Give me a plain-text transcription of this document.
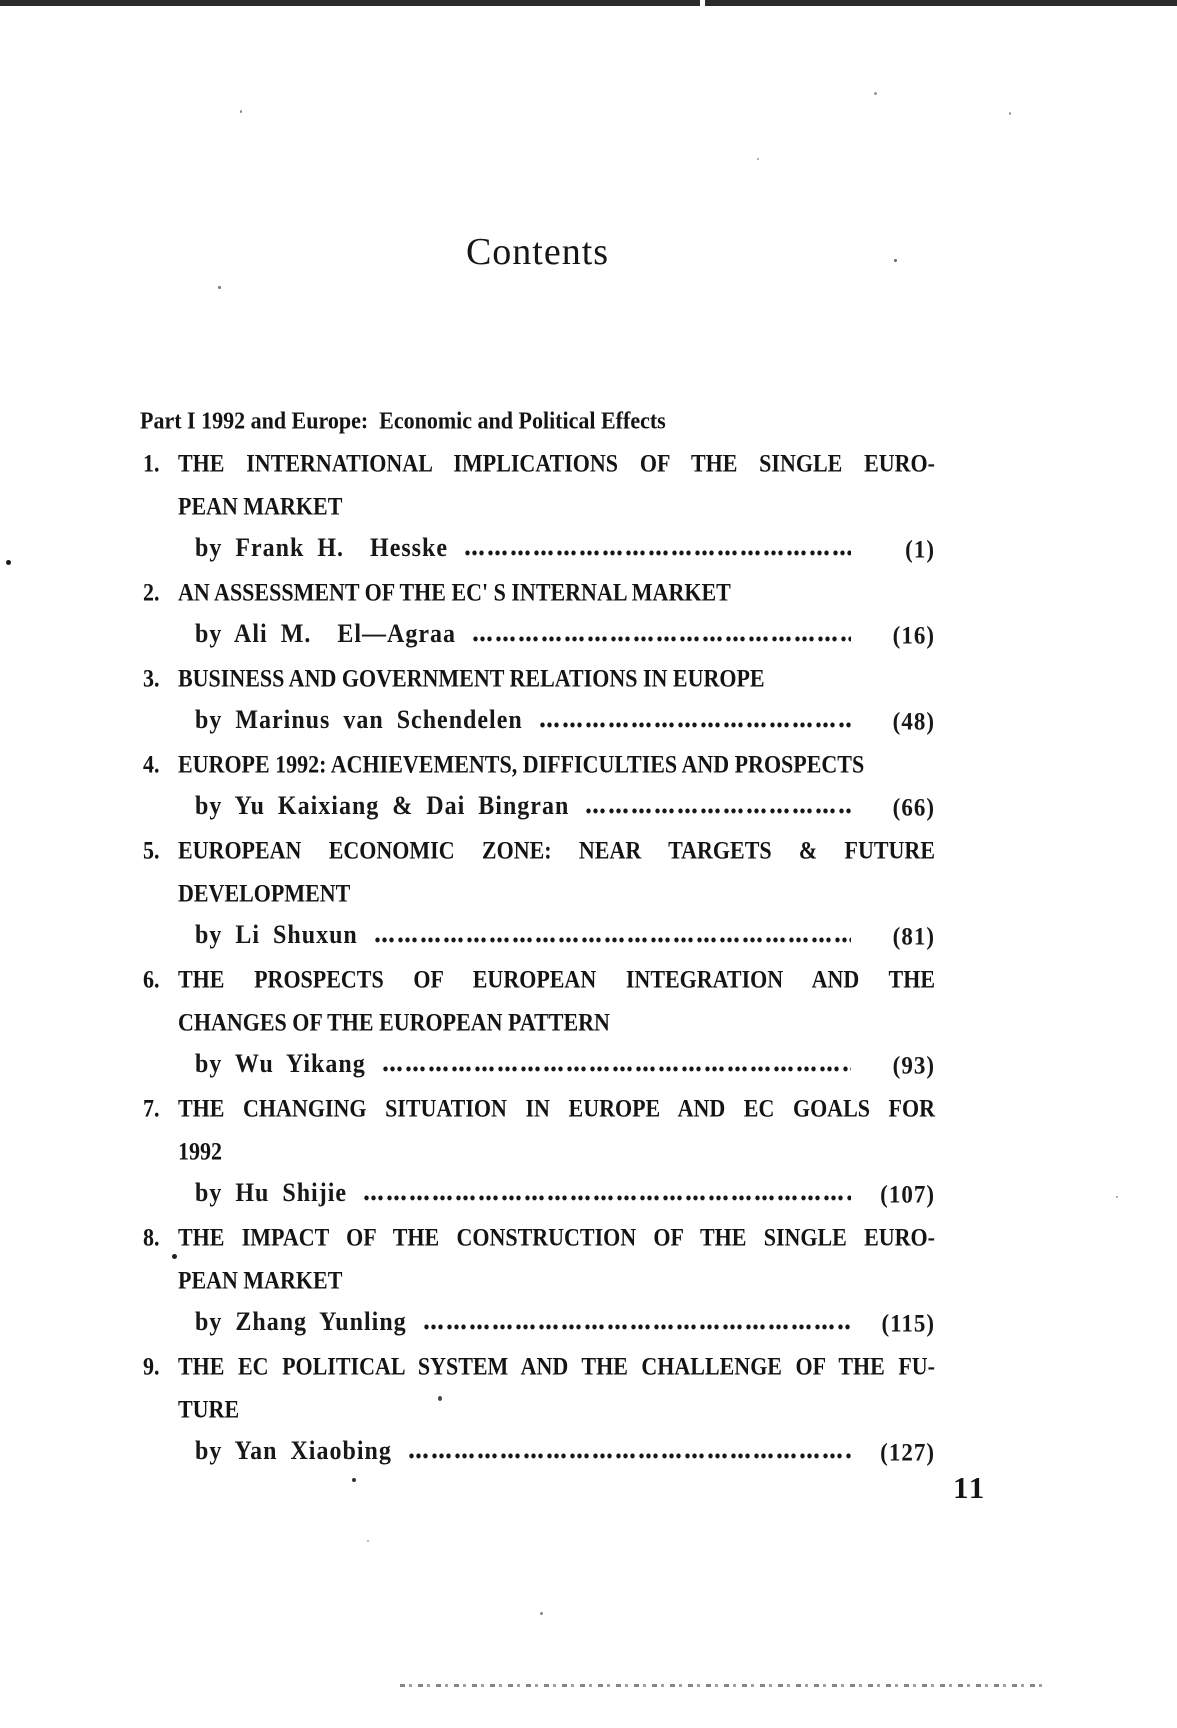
Contents
Part I 1992 and Europe:  Economic and Political Effects
1. THE INTERNATIONAL IMPLICATIONS OF THE SINGLE EURO-
PEAN MARKET
by Frank H.  Hesske	(1)
2. AN ASSESSMENT OF THE EC' S INTERNAL MARKET
by Ali M.  El—Agraa	(16)
3. BUSINESS AND GOVERNMENT RELATIONS IN EUROPE
by Marinus van Schendelen	(48)
4. EUROPE 1992: ACHIEVEMENTS, DIFFICULTIES AND PROSPECTS
by Yu Kaixiang & Dai Bingran	(66)
5. EUROPEAN ECONOMIC ZONE: NEAR TARGETS & FUTURE
DEVELOPMENT
by Li Shuxun	(81)
6. THE PROSPECTS OF EUROPEAN INTEGRATION AND THE
CHANGES OF THE EUROPEAN PATTERN
by Wu Yikang	(93)
7. THE CHANGING SITUATION IN EUROPE AND EC GOALS FOR
1992
by Hu Shijie	(107)
8. THE IMPACT OF THE CONSTRUCTION OF THE SINGLE EURO-
PEAN MARKET
by Zhang Yunling	(115)
9. THE EC POLITICAL SYSTEM AND THE CHALLENGE OF THE FU-
TURE
by Yan Xiaobing	(127)
11
